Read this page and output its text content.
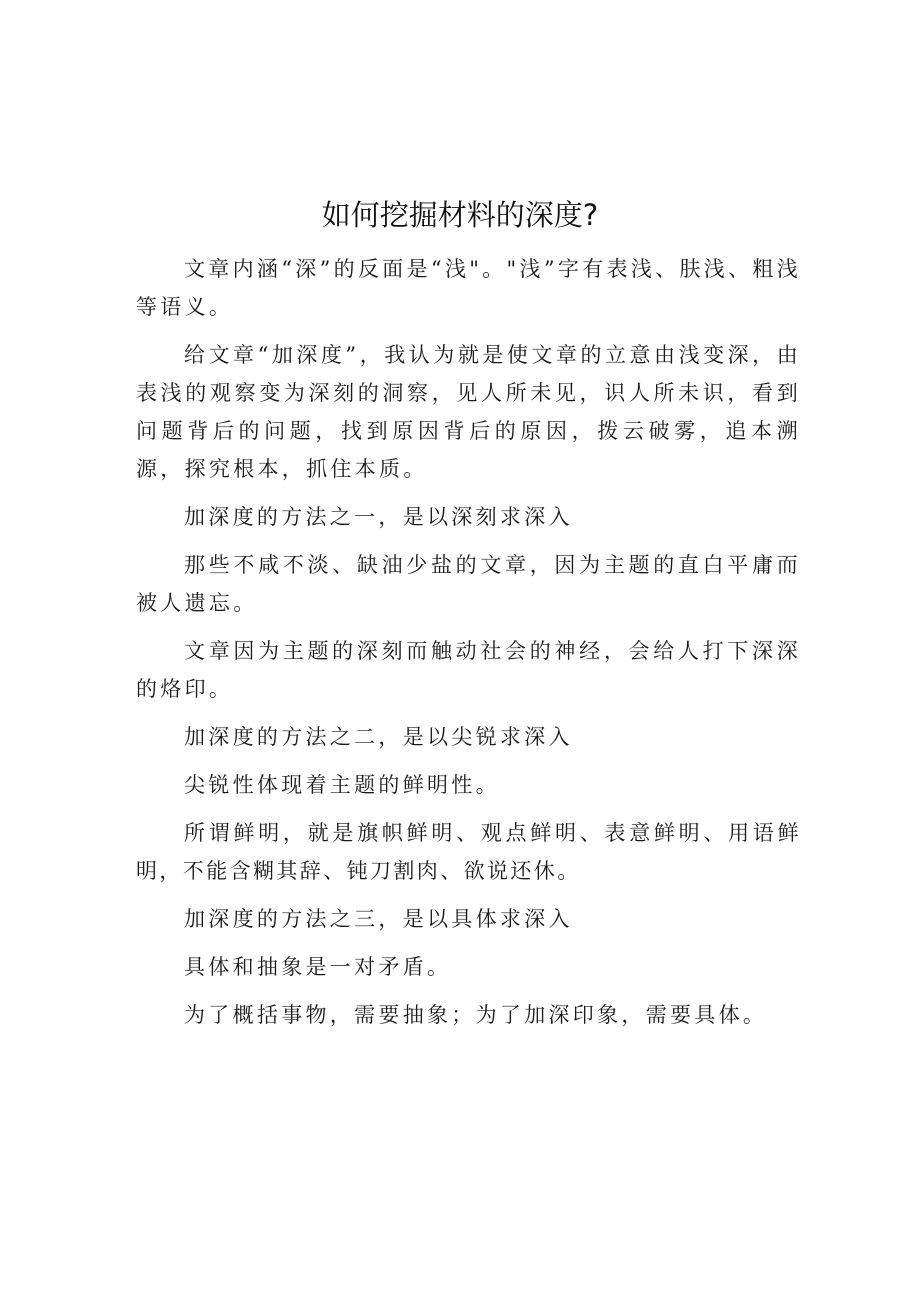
如何挖掘材料的深度?

文章内涵“深”的反面是“浅"。"浅”字有表浅、肤浅、粗浅等语义。

给文章“加深度”，我认为就是使文章的立意由浅变深，由表浅的观察变为深刻的洞察，见人所未见，识人所未识，看到问题背后的问题，找到原因背后的原因，拨云破雾，追本溯源，探究根本，抓住本质。

加深度的方法之一，是以深刻求深入

那些不咸不淡、缺油少盐的文章，因为主题的直白平庸而被人遗忘。

文章因为主题的深刻而触动社会的神经，会给人打下深深的烙印。

加深度的方法之二，是以尖锐求深入

尖锐性体现着主题的鲜明性。

所谓鲜明，就是旗帜鲜明、观点鲜明、表意鲜明、用语鲜明，不能含糊其辞、钝刀割肉、欲说还休。

加深度的方法之三，是以具体求深入

具体和抽象是一对矛盾。

为了概括事物，需要抽象；为了加深印象，需要具体。
